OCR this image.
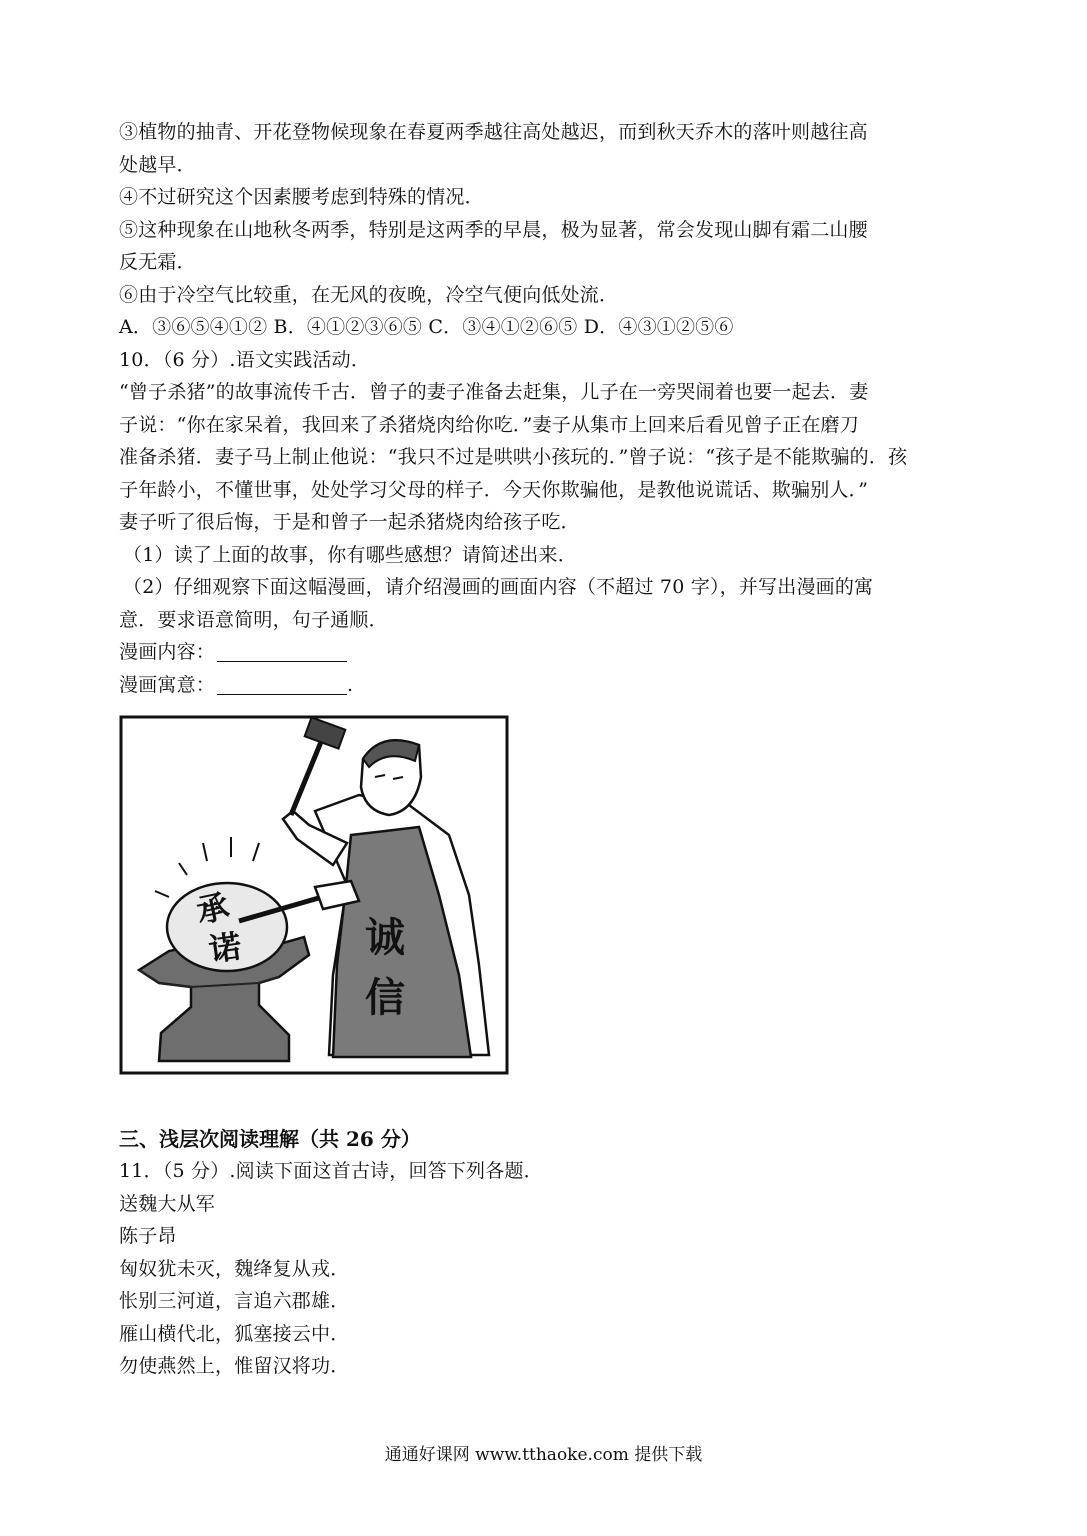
③植物的抽青、开花登物候现象在春夏两季越往高处越迟，而到秋天乔木的落叶则越往高
处越早．
④不过研究这个因素腰考虑到特殊的情况．
⑤这种现象在山地秋冬两季，特别是这两季的早晨，极为显著，常会发现山脚有霜二山腰
反无霜．
⑥由于冷空气比较重，在无风的夜晚，冷空气便向低处流．
A．③⑥⑤④①② B．④①②③⑥⑤ C．③④①②⑥⑤ D．④③①②⑤⑥
10．（6 分）.语文实践活动．
“曾子杀猪”的故事流传千古．曾子的妻子准备去赶集，儿子在一旁哭闹着也要一起去．妻
子说：“你在家呆着，我回来了杀猪烧肉给你吃．”妻子从集市上回来后看见曾子正在磨刀
准备杀猪．妻子马上制止他说：“我只不过是哄哄小孩玩的．”曾子说：“孩子是不能欺骗的．孩
子年龄小，不懂世事，处处学习父母的样子．今天你欺骗他，是教他说谎话、欺骗别人．”
妻子听了很后悔，于是和曾子一起杀猪烧肉给孩子吃．
（1）读了上面的故事，你有哪些感想？请简述出来．
（2）仔细观察下面这幅漫画，请介绍漫画的画面内容（不超过 70 字），并写出漫画的寓
意．要求语意简明，句子通顺．
漫画内容：
漫画寓意：	.
承
诺	诚
信
三、浅层次阅读理解（共 26 分）
11．（5 分）.阅读下面这首古诗，回答下列各题．
送魏大从军
陈子昂
匈奴犹未灭，魏绛复从戎．
怅别三河道，言追六郡雄．
雁山横代北，狐塞接云中．
勿使燕然上，惟留汉将功．
通通好课网 www.tthaoke.com 提供下载
